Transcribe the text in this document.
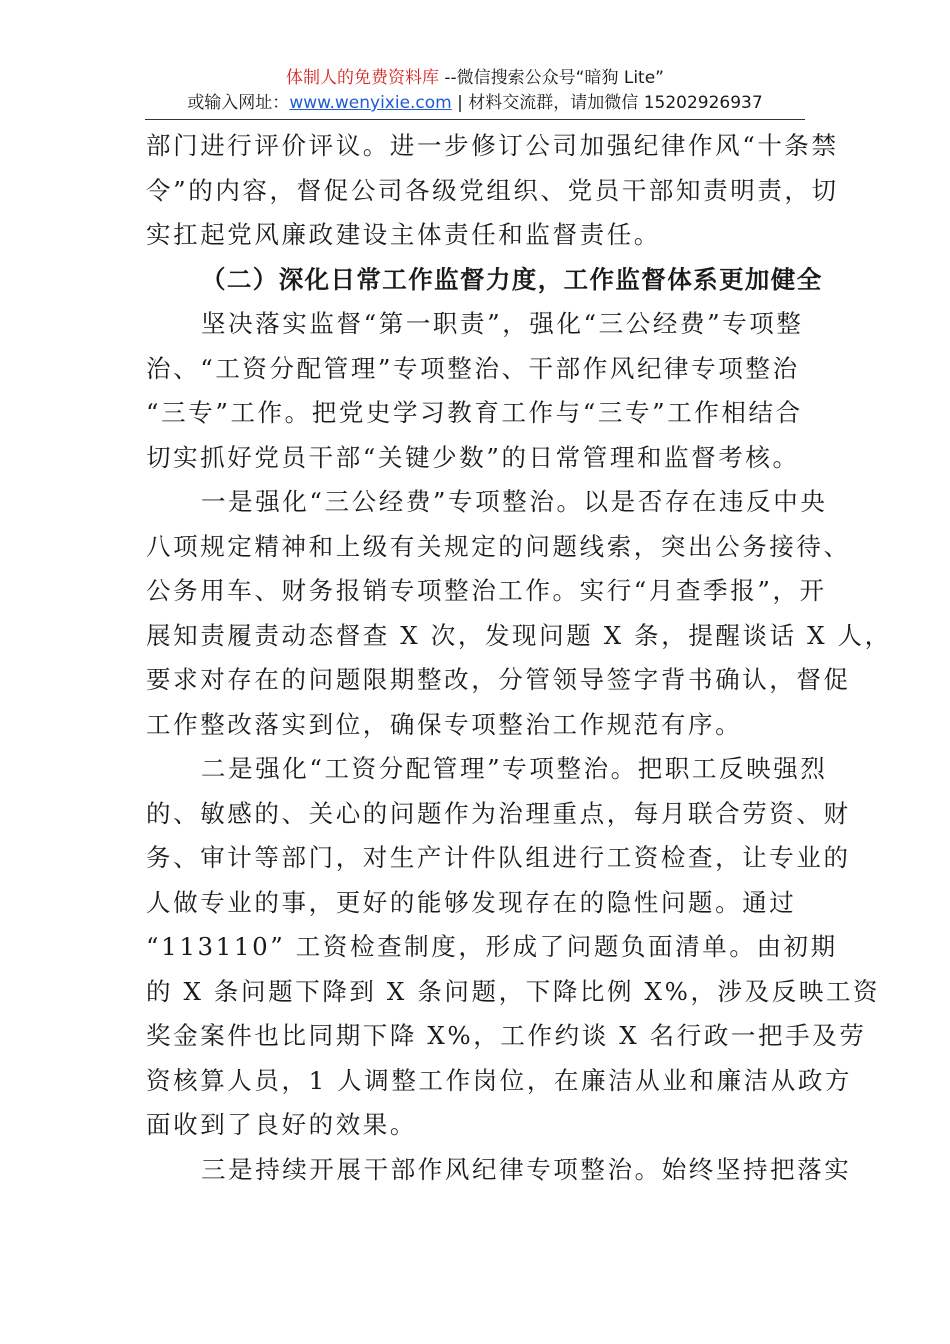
体制人的免费资料库 --微信搜索公众号“暗狗 Lite”
或输入网址：www.wenyixie.com | 材料交流群，请加微信 15202926937
部门进行评价评议。进一步修订公司加强纪律作风“十条禁
令”的内容，督促公司各级党组织、党员干部知责明责，切
实扛起党风廉政建设主体责任和监督责任。
（二）深化日常工作监督力度，工作监督体系更加健全
坚决落实监督“第一职责”，强化“三公经费”专项整
治、“工资分配管理”专项整治、干部作风纪律专项整治
“三专”工作。把党史学习教育工作与“三专”工作相结合
切实抓好党员干部“关键少数”的日常管理和监督考核。
一是强化“三公经费”专项整治。以是否存在违反中央
八项规定精神和上级有关规定的问题线索，突出公务接待、
公务用车、财务报销专项整治工作。实行“月查季报”，开
展知责履责动态督查 X 次，发现问题 X 条，提醒谈话 X 人，
要求对存在的问题限期整改，分管领导签字背书确认，督促
工作整改落实到位，确保专项整治工作规范有序。
二是强化“工资分配管理”专项整治。把职工反映强烈
的、敏感的、关心的问题作为治理重点，每月联合劳资、财
务、审计等部门，对生产计件队组进行工资检查，让专业的
人做专业的事，更好的能够发现存在的隐性问题。通过
“113110” 工资检查制度，形成了问题负面清单。由初期
的 X 条问题下降到 X 条问题，下降比例 X%，涉及反映工资
奖金案件也比同期下降 X%，工作约谈 X 名行政一把手及劳
资核算人员，1 人调整工作岗位，在廉洁从业和廉洁从政方
面收到了良好的效果。
三是持续开展干部作风纪律专项整治。始终坚持把落实
